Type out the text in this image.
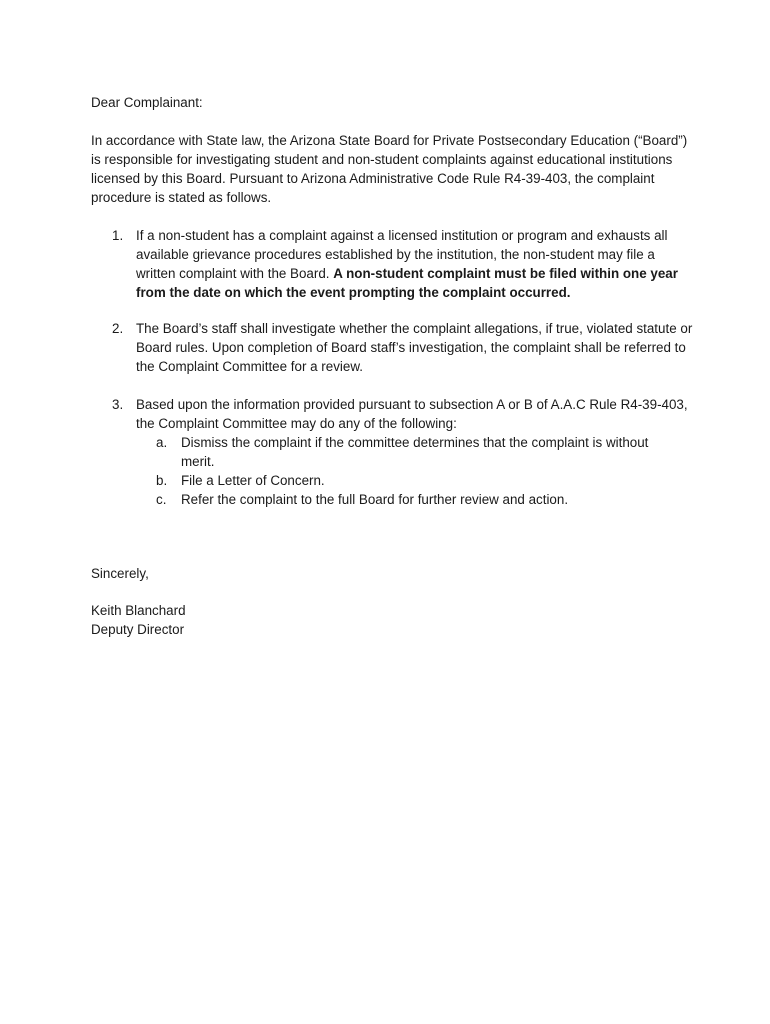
Dear Complainant:

In accordance with State law, the Arizona State Board for Private Postsecondary Education (“Board”) is responsible for investigating student and non-student complaints against educational institutions licensed by this Board. Pursuant to Arizona Administrative Code Rule R4-39-403, the complaint procedure is stated as follows.

1. If a non-student has a complaint against a licensed institution or program and exhausts all available grievance procedures established by the institution, the non-student may file a written complaint with the Board. A non-student complaint must be filed within one year from the date on which the event prompting the complaint occurred.
2. The Board’s staff shall investigate whether the complaint allegations, if true, violated statute or Board rules. Upon completion of Board staff’s investigation, the complaint shall be referred to the Complaint Committee for a review.
3. Based upon the information provided pursuant to subsection A or B of A.A.C Rule R4-39-403, the Complaint Committee may do any of the following:
a.	Dismiss the complaint if the committee determines that the complaint is without merit.
b.	File a Letter of Concern.
c.	Refer the complaint to the full Board for further review and action.
Sincerely,
Keith Blanchard
Deputy Director
